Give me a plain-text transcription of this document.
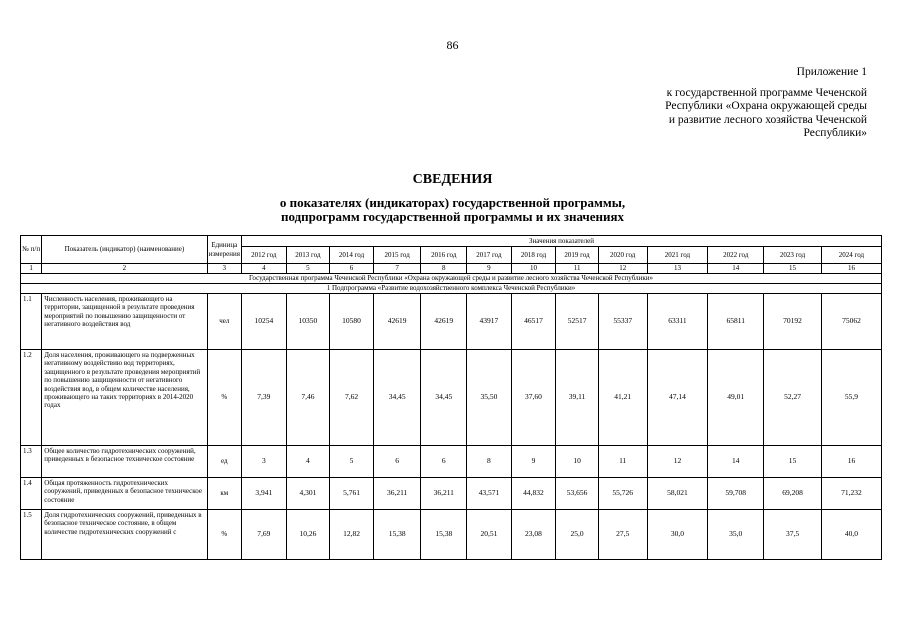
86
Приложение 1
к государственной программе Чеченской
Республики «Охрана окружающей среды
и развитие лесного хозяйства Чеченской
Республики»
СВЕДЕНИЯ
о показателях (индикаторах) государственной программы,
подпрограмм государственной программы и их значениях
№ п/п	Показатель (индикатор) (наименование)	Единица измерения	Значения показателей												
			2012 год	2013 год	2014 год	2015 год	2016 год	2017 год	2018 год	2019 год	2020 год	2021 год	2022 год	2023 год	2024 год
1	2	3	4	5	6	7	8	9	10	11	12	13	14	15	16
Государственная программа Чеченской Республики «Охрана окружающей среды и развитие лесного хозяйства Чеченской Республики»															
1 Подпрограмма «Развитие водохозяйственного комплекса Чеченской Республики»															
1.1	Численность населения, проживающего на территории, защищенной в результате проведения мероприятий по повышению защищенности от негативного воздействия вод	чел	10254	10350	10580	42619	42619	43917	46517	52517	55337	63311	65811	70192	75062
1.2	Доля населения, проживающего на подверженных негативному воздействию вод территориях, защищенного в результате проведения мероприятий по повышению защищенности от негативного воздействия вод, в общем количестве населения, проживающего на таких территориях в 2014-2020 годах	%	7,39	7,46	7,62	34,45	34,45	35,50	37,60	39,11	41,21	47,14	49,01	52,27	55,9
1.3	Общее количество гидротехнических сооружений, приведенных в безопасное техническое состояние	ед	3	4	5	6	6	8	9	10	11	12	14	15	16
1.4	Общая протяженность гидротехнических сооружений, приведенных в безопасное техническое состояние	км	3,941	4,301	5,761	36,211	36,211	43,571	44,832	53,656	55,726	58,021	59,708	69,208	71,232
1.5	Доля гидротехнических сооружений, приведенных в безопасное техническое состояние, в общем количестве гидротехнических сооружений с	%	7,69	10,26	12,82	15,38	15,38	20,51	23,08	25,0	27,5	30,0	35,0	37,5	40,0
